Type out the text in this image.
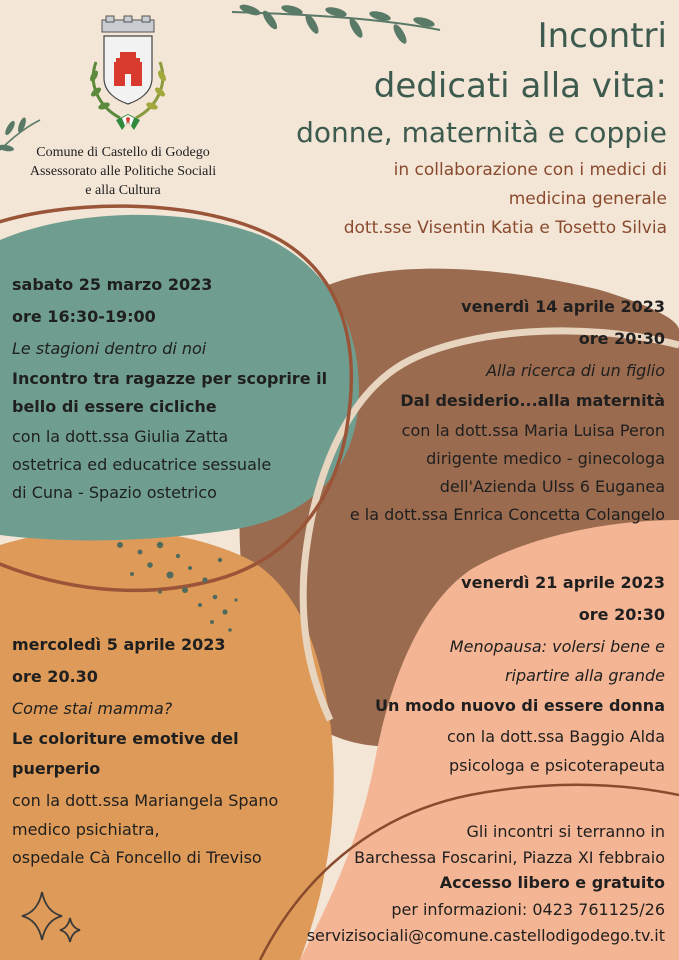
Comune di Castello di Godego
Assessorato alle Politiche Sociali
e alla Cultura

Incontri

dedicati alla vita:

donne, maternità e coppie

in collaborazione con i medici di

medicina generale

dott.sse Visentin Katia e Tosetto Silvia

sabato 25 marzo 2023

ore 16:30-19:00

Le stagioni dentro di noi

Incontro tra ragazze per scoprire il

bello di essere cicliche

con la dott.ssa Giulia Zatta

ostetrica ed educatrice sessuale

di Cuna - Spazio ostetrico

venerdì 14 aprile 2023

ore 20:30

Alla ricerca di un figlio

Dal desiderio...alla maternità

con la dott.ssa Maria Luisa Peron

dirigente medico - ginecologa

dell'Azienda Ulss 6 Euganea

e la dott.ssa Enrica Concetta Colangelo

mercoledì 5 aprile 2023

ore 20.30

Come stai mamma?

Le coloriture emotive del

puerperio

con la dott.ssa Mariangela Spano

medico psichiatra,

ospedale Cà Foncello di Treviso

venerdì 21 aprile 2023

ore 20:30

Menopausa: volersi bene e

ripartire alla grande

Un modo nuovo di essere donna

con la dott.ssa Baggio Alda

psicologa e psicoterapeuta

Gli incontri si terranno in

Barchessa Foscarini, Piazza XI febbraio

Accesso libero e gratuito

per informazioni: 0423 761125/26

servizisociali@comune.castellodigodego.tv.it
